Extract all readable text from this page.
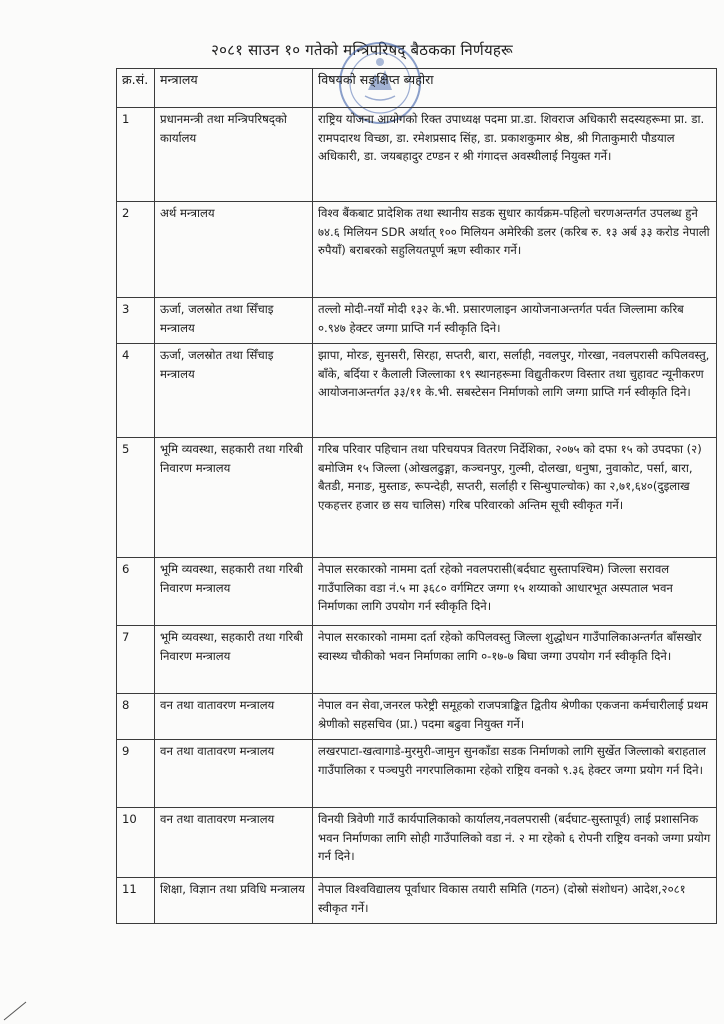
२०८१ साउन १० गतेको मन्त्रिपरिषद् बैठकका निर्णयहरू
क्र.सं.	मन्त्रालय	विषयको सङ्क्षिप्त ब्यहोरा
1	प्रधानमन्त्री तथा मन्त्रिपरिषद्को कार्यालय	राष्ट्रिय योजना आयोगको रिक्त उपाध्यक्ष पदमा प्रा.डा. शिवराज अधिकारी सदस्यहरूमा प्रा. डा. रामपदारथ विच्छा, डा. रमेशप्रसाद सिंह, डा. प्रकाशकुमार श्रेष्ठ, श्री गिताकुमारी पौडयाल अधिकारी, डा. जयबहादुर टण्डन र श्री गंगादत्त अवस्थीलाई नियुक्त गर्ने।
2	अर्थ मन्त्रालय	विश्व बैंकबाट प्रादेशिक तथा स्थानीय सडक सुधार कार्यक्रम-पहिलो चरणअन्तर्गत उपलब्ध हुने ७४.६ मिलियन SDR अर्थात् १०० मिलियन अमेरिकी डलर (करिब रु. १३ अर्ब ३३ करोड नेपाली रुपैयाँ) बराबरको सहुलियतपूर्ण ऋण स्वीकार गर्ने।
3	ऊर्जा, जलस्रोत तथा सिँचाइ मन्त्रालय	तल्लो मोदी-नयाँ मोदी १३२ के.भी. प्रसारणलाइन आयोजनाअन्तर्गत पर्वत जिल्लामा करिब ०.९४७ हेक्टर जग्गा प्राप्ति गर्न स्वीकृति दिने।
4	ऊर्जा, जलस्रोत तथा सिँचाइ मन्त्रालय	झापा, मोरङ, सुनसरी, सिरहा, सप्तरी, बारा, सर्लाही, नवलपुर, गोरखा, नवलपरासी कपिलवस्तु, बाँके, बर्दिया र कैलाली जिल्लाका १९ स्थानहरूमा विद्युतीकरण विस्तार तथा चुहावट न्यूनीकरण आयोजनाअन्तर्गत ३३/११ के.भी. सबस्टेसन निर्माणको लागि जग्गा प्राप्ति गर्न स्वीकृति दिने।
5	भूमि व्यवस्था, सहकारी तथा गरिबी निवारण मन्त्रालय	गरिब परिवार पहिचान तथा परिचयपत्र वितरण निर्देशिका, २०७५ को दफा १५ को उपदफा (२) बमोजिम १५ जिल्ला (ओखलढुङ्गा, कञ्चनपुर, गुल्मी, दोलखा, धनुषा, नुवाकोट, पर्सा, बारा, बैतडी, मनाङ, मुस्ताङ, रूपन्देही, सप्तरी, सर्लाही र सिन्धुपाल्चोक) का २,७१,६४०(दुइलाख एकहत्तर हजार छ सय चालिस) गरिब परिवारको अन्तिम सूची स्वीकृत गर्ने।
6	भूमि व्यवस्था, सहकारी तथा गरिबी निवारण मन्त्रालय	नेपाल सरकारको नाममा दर्ता रहेको नवलपरासी(बर्दघाट सुस्तापश्चिम) जिल्ला सरावल गाउँपालिका वडा नं.५ मा ३६८० वर्गमिटर जग्गा १५ शय्याको आधारभूत अस्पताल भवन निर्माणका लागि उपयोग गर्न स्वीकृति दिने।
7	भूमि व्यवस्था, सहकारी तथा गरिबी निवारण मन्त्रालय	नेपाल सरकारको नाममा दर्ता रहेको कपिलवस्तु जिल्ला शुद्धोधन गाउँपालिकाअन्तर्गत बाँसखोर स्वास्थ्य चौकीको भवन निर्माणका लागि ०-१७-७ बिघा जग्गा उपयोग गर्न स्वीकृति दिने।
8	वन तथा वातावरण मन्त्रालय	नेपाल वन सेवा,जनरल फरेष्ट्री समूहको राजपत्राङ्कित द्वितीय श्रेणीका एकजना कर्मचारीलाई प्रथम श्रेणीको सहसचिव (प्रा.) पदमा बढुवा नियुक्त गर्ने।
9	वन तथा वातावरण मन्त्रालय	लखरपाटा-खत्वागाडे-मुरमुरी-जामुन सुनकाँडा सडक निर्माणको लागि सुर्खेत जिल्लाको बराहताल गाउँपालिका र पञ्चपुरी नगरपालिकामा रहेको राष्ट्रिय वनको ९.३६ हेक्टर जग्गा प्रयोग गर्न दिने।
10	वन तथा वातावरण मन्त्रालय	विनयी त्रिवेणी गाउँ कार्यपालिकाको कार्यालय,नवलपरासी (बर्दघाट-सुस्तापूर्व) लाई प्रशासनिक भवन निर्माणका लागि सोही गाउँपालिको वडा नं. २ मा रहेको ६ रोपनी राष्ट्रिय वनको जग्गा प्रयोग गर्न दिने।
11	शिक्षा, विज्ञान तथा प्रविधि मन्त्रालय	नेपाल विश्वविद्यालय पूर्वाधार विकास तयारी समिति (गठन) (दोस्रो संशोधन) आदेश,२०८१ स्वीकृत गर्ने।
